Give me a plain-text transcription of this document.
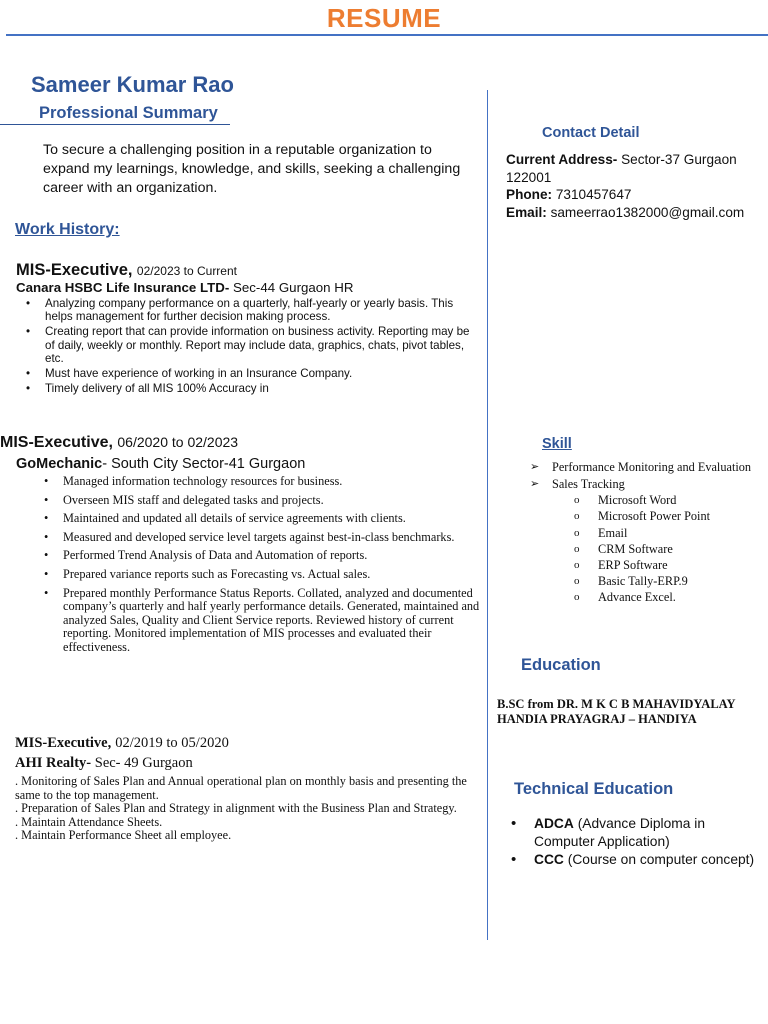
RESUME
Sameer Kumar Rao
Professional Summary
To secure a challenging position in a reputable organization to expand my learnings, knowledge, and skills, seeking a challenging career with an organization.
Work History:
MIS-Executive, 02/2023 to Current
Canara HSBC Life Insurance LTD- Sec-44 Gurgaon HR
• Analyzing company performance on a quarterly, half-yearly or yearly basis. This helps management for further decision making process.
• Creating report that can provide information on business activity. Reporting may be of daily, weekly or monthly. Report may include data, graphics, chats, pivot tables, etc.
• Must have experience of working in an Insurance Company.
• Timely delivery of all MIS 100% Accuracy in
MIS-Executive, 06/2020 to 02/2023
GoMechanic- South City Sector-41 Gurgaon
• Managed information technology resources for business.
• Overseen MIS staff and delegated tasks and projects.
• Maintained and updated all details of service agreements with clients.
• Measured and developed service level targets against best-in-class benchmarks.
• Performed Trend Analysis of Data and Automation of reports.
• Prepared variance reports such as Forecasting vs. Actual sales.
• Prepared monthly Performance Status Reports. Collated, analyzed and documented company’s quarterly and half yearly performance details. Generated, maintained and analyzed Sales, Quality and Client Service reports. Reviewed history of current reporting. Monitored implementation of MIS processes and evaluated their effectiveness.
MIS-Executive, 02/2019 to 05/2020
AHI Realty- Sec- 49 Gurgaon
. Monitoring of Sales Plan and Annual operational plan on monthly basis and presenting the same to the top management.
. Preparation of Sales Plan and Strategy in alignment with the Business Plan and Strategy.
. Maintain Attendance Sheets.
. Maintain Performance Sheet all employee.
Contact Detail
Current Address- Sector-37 Gurgaon 122001
Phone: 7310457647
Email: sameerrao1382000@gmail.com
Skill
➢ Performance Monitoring and Evaluation
➢ Sales Tracking
o Microsoft Word
o Microsoft Power Point
o Email
o CRM Software
o ERP Software
o Basic Tally-ERP.9
o Advance Excel.
Education
B.SC from DR. M K C B MAHAVIDYALAY HANDIA PRAYAGRAJ – HANDIYA
Technical Education
• ADCA (Advance Diploma in Computer Application)
• CCC (Course on computer concept)
